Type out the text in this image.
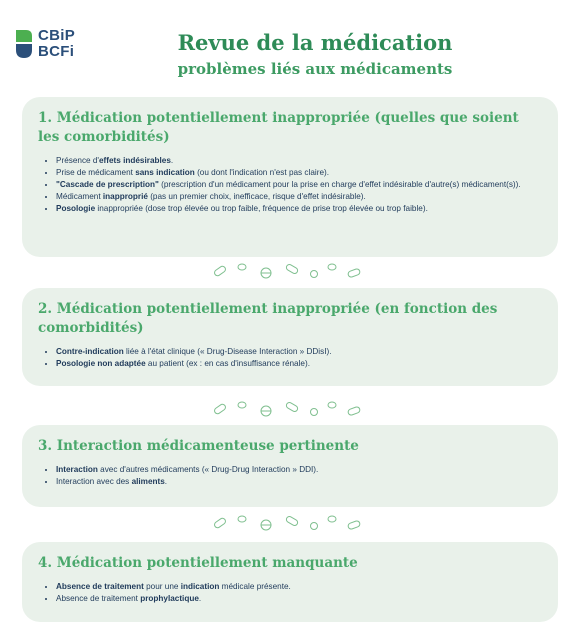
CBiP
BCFi	Revue de la médication
problèmes liés aux médicaments
1. Médication potentiellement inappropriée (quelles que soient les comorbidités)
• Présence d'effets indésirables.
• Prise de médicament sans indication (ou dont l'indication n'est pas claire).
• "Cascade de prescription" (prescription d'un médicament pour la prise en charge d'effet indésirable d'autre(s) médicament(s)).
• Médicament inapproprié (pas un premier choix, inefficace, risque d'effet indésirable).
• Posologie inappropriée (dose trop élevée ou trop faible, fréquence de prise trop élevée ou trop faible).
2. Médication potentiellement inappropriée (en fonction des comorbidités)
• Contre-indication liée à l'état clinique (« Drug-Disease Interaction » DDisI).
• Posologie non adaptée au patient (ex : en cas d'insuffisance rénale).
3. Interaction médicamenteuse pertinente
• Interaction avec d'autres médicaments (« Drug-Drug Interaction » DDI).
• Interaction avec des aliments.
4. Médication potentiellement manquante
• Absence de traitement pour une indication médicale présente.
• Absence de traitement prophylactique.
